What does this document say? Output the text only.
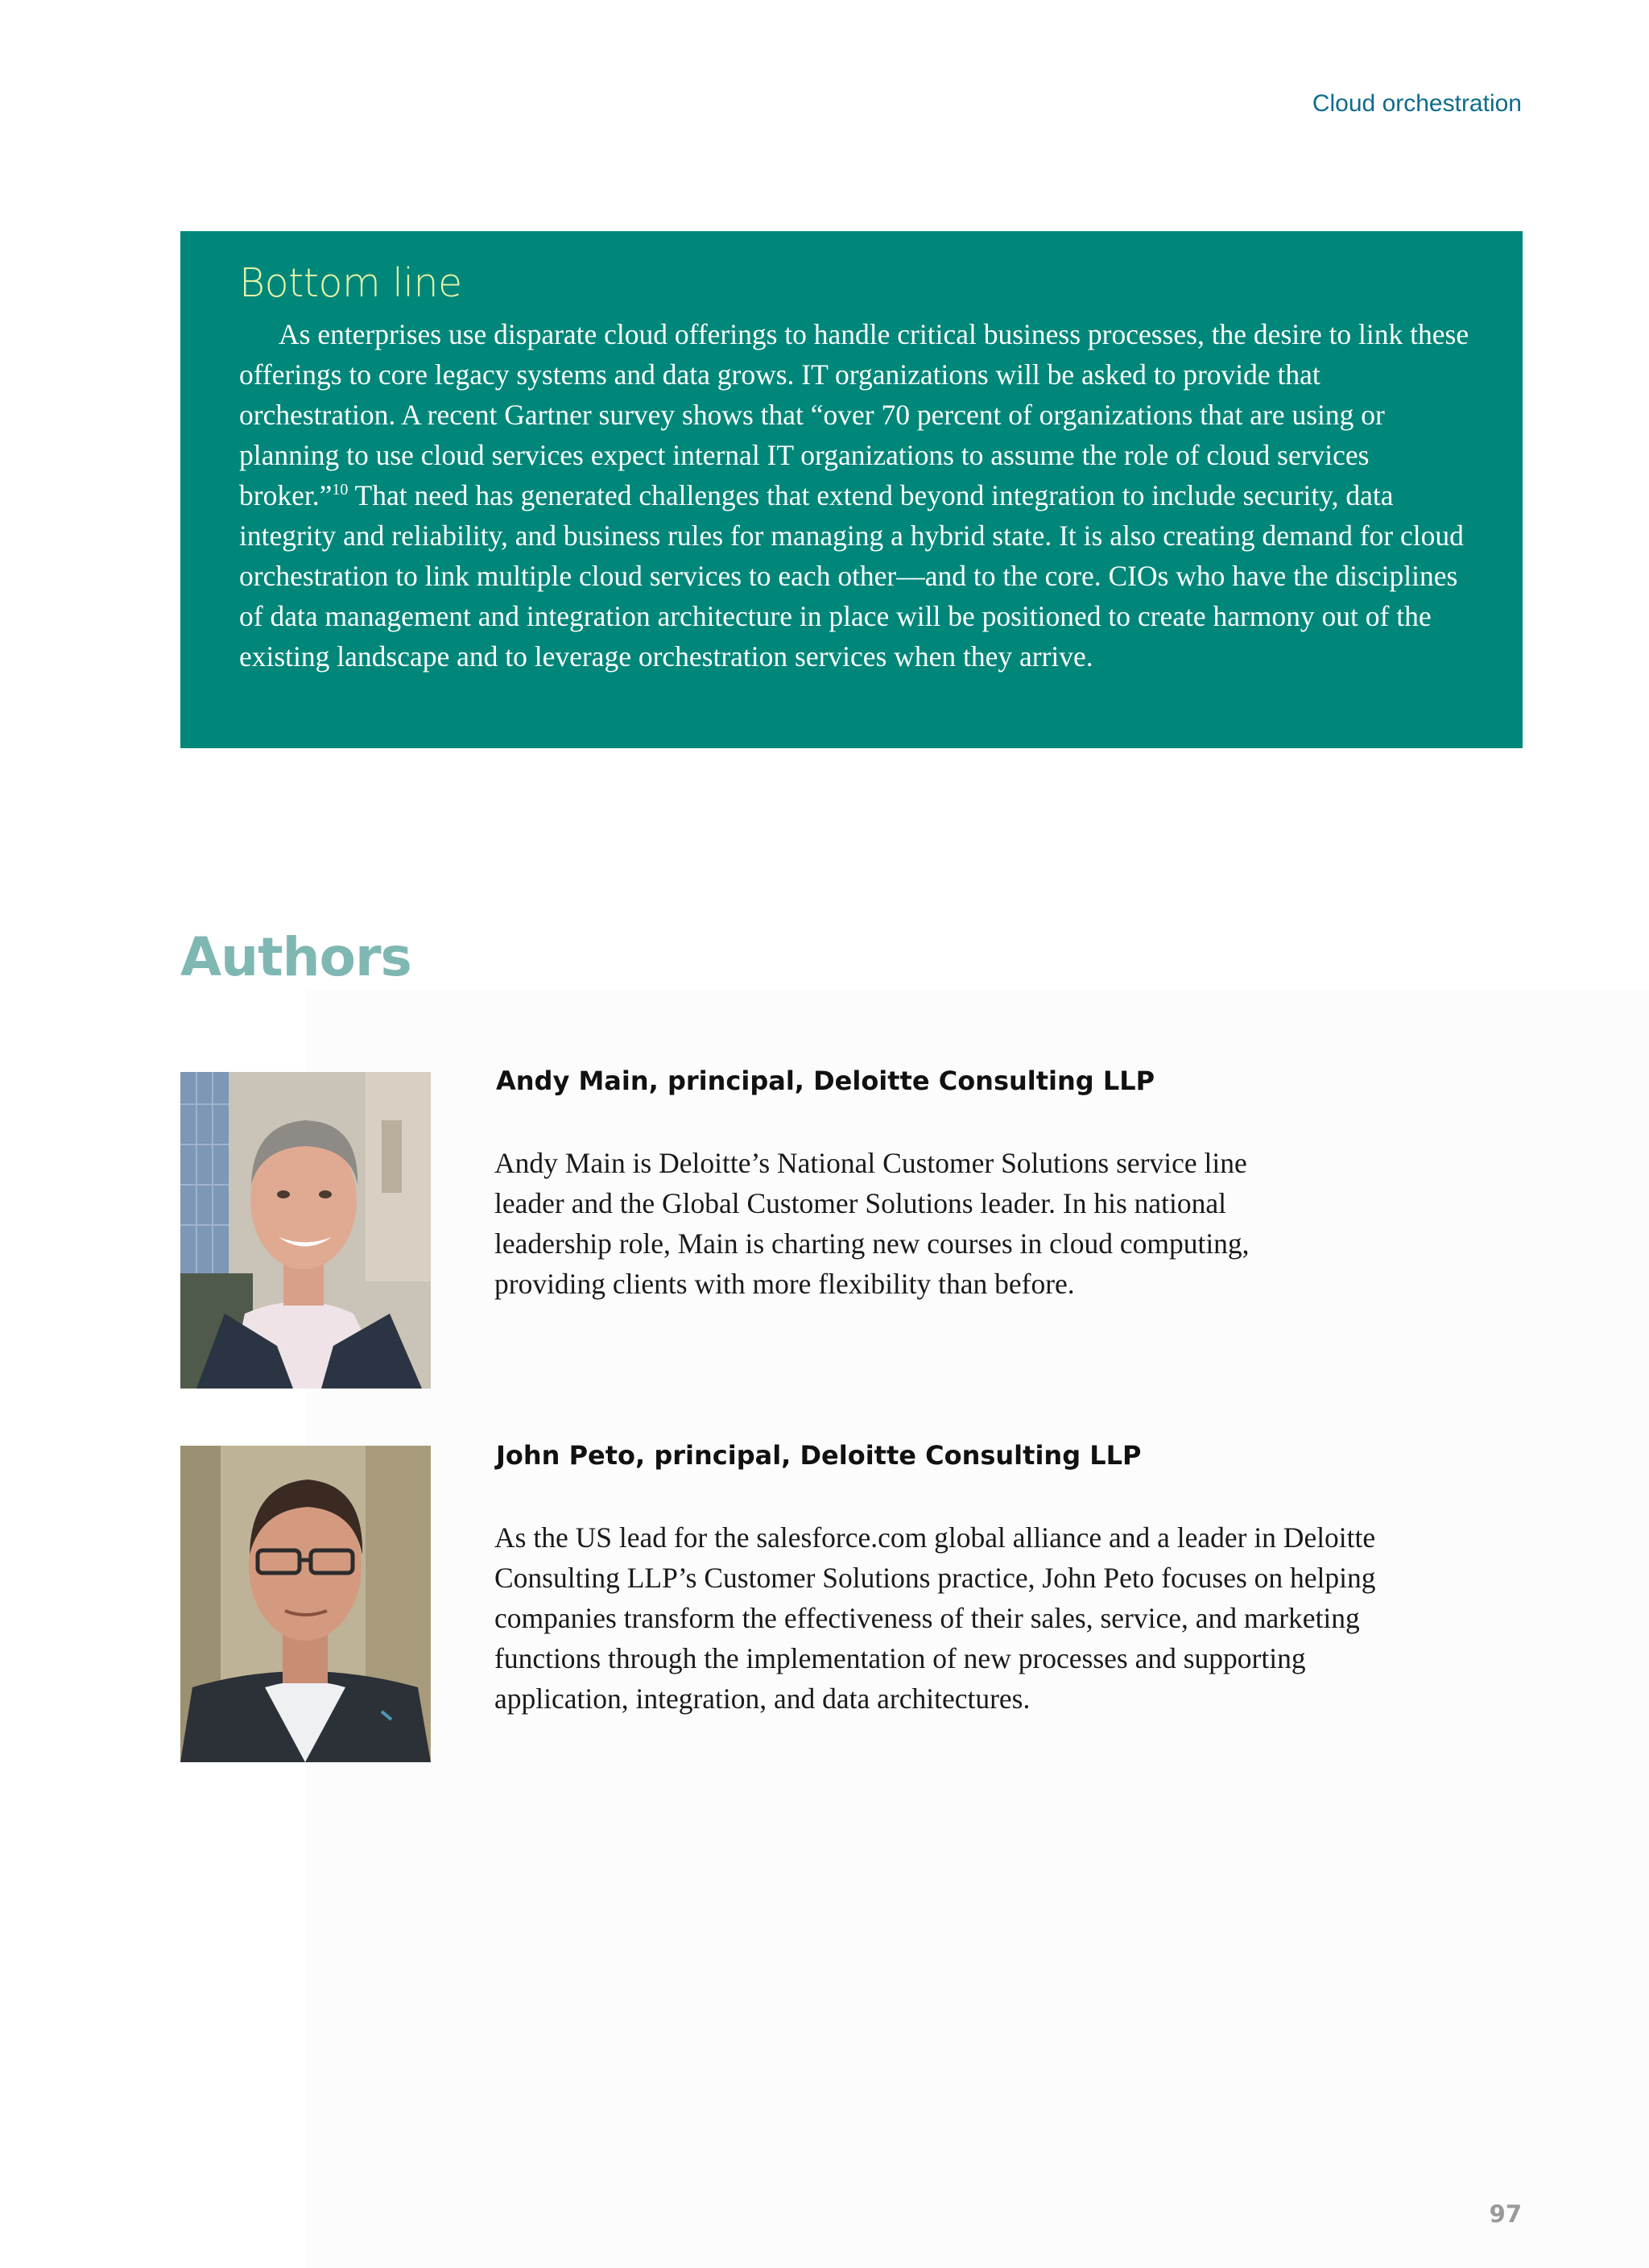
Cloud orchestration
Bottom line

As enterprises use disparate cloud offerings to handle critical business processes, the desire to link these offerings to core legacy systems and data grows. IT organizations will be asked to provide that orchestration. A recent Gartner survey shows that “over 70 percent of organizations that are using or planning to use cloud services expect internal IT organizations to assume the role of cloud services broker.”$^{10}$ That need has generated challenges that extend beyond integration to include security, data integrity and reliability, and business rules for managing a hybrid state. It is also creating demand for cloud orchestration to link multiple cloud services to each other—and to the core. CIOs who have the disciplines of data management and integration architecture in place will be positioned to create harmony out of the existing landscape and to leverage orchestration services when they arrive.

Authors

Andy Main, principal, Deloitte Consulting LLP

Andy Main is Deloitte’s National Customer Solutions service line leader and the Global Customer Solutions leader. In his national leadership role, Main is charting new courses in cloud computing, providing clients with more flexibility than before.

John Peto, principal, Deloitte Consulting LLP

As the US lead for the salesforce.com global alliance and a leader in Deloitte Consulting LLP’s Customer Solutions practice, John Peto focuses on helping companies transform the effectiveness of their sales, service, and marketing functions through the implementation of new processes and supporting application, integration, and data architectures.

97
